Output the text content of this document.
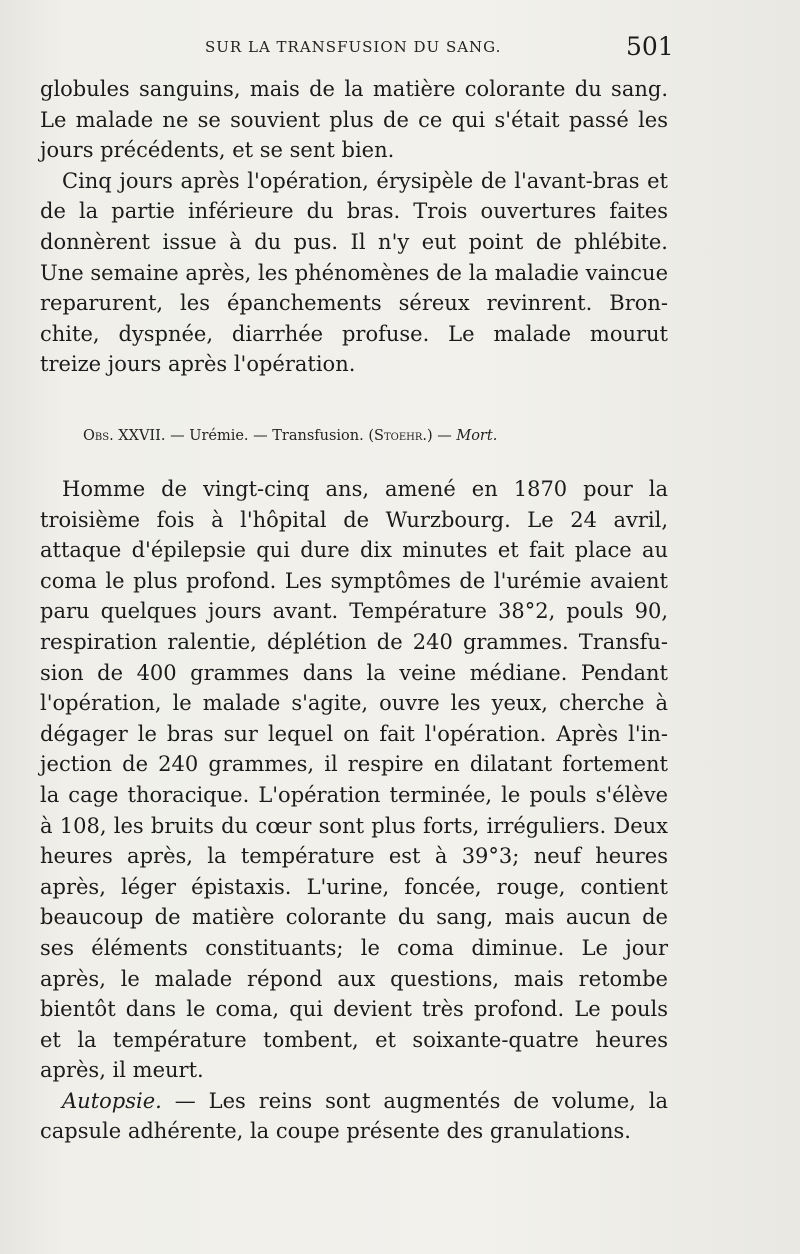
SUR LA TRANSFUSION DU SANG.	501
globules sanguins, mais de la matière colorante du sang.
Le malade ne se souvient plus de ce qui s'était passé les
jours précédents, et se sent bien.
Cinq jours après l'opération, érysipèle de l'avant-bras et
de la partie inférieure du bras. Trois ouvertures faites
donnèrent issue à du pus. Il n'y eut point de phlébite.
Une semaine après, les phénomènes de la maladie vaincue
reparurent, les épanchements séreux revinrent. Bron-
chite, dyspnée, diarrhée profuse. Le malade mourut
treize jours après l'opération.
Obs. XXVII. — Urémie. — Transfusion. (Stoehr.) — Mort.
Homme de vingt-cinq ans, amené en 1870 pour la
troisième fois à l'hôpital de Wurzbourg. Le 24 avril,
attaque d'épilepsie qui dure dix minutes et fait place au
coma le plus profond. Les symptômes de l'urémie avaient
paru quelques jours avant. Température 38°2, pouls 90,
respiration ralentie, déplétion de 240 grammes. Transfu-
sion de 400 grammes dans la veine médiane. Pendant
l'opération, le malade s'agite, ouvre les yeux, cherche à
dégager le bras sur lequel on fait l'opération. Après l'in-
jection de 240 grammes, il respire en dilatant fortement
la cage thoracique. L'opération terminée, le pouls s'élève
à 108, les bruits du cœur sont plus forts, irréguliers. Deux
heures après, la température est à 39°3; neuf heures
après, léger épistaxis. L'urine, foncée, rouge, contient
beaucoup de matière colorante du sang, mais aucun de
ses éléments constituants; le coma diminue. Le jour
après, le malade répond aux questions, mais retombe
bientôt dans le coma, qui devient très profond. Le pouls
et la température tombent, et soixante-quatre heures
après, il meurt.
Autopsie. — Les reins sont augmentés de volume, la
capsule adhérente, la coupe présente des granulations.
